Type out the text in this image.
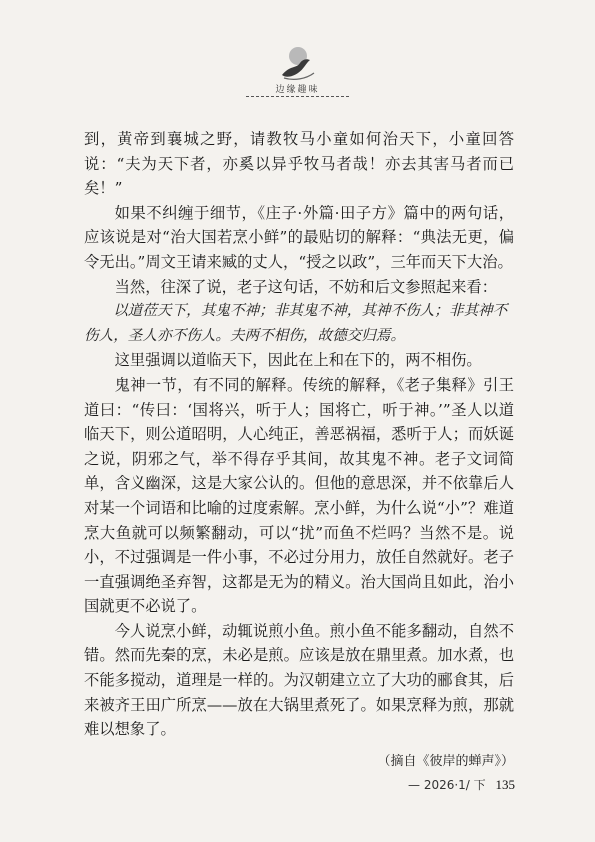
边缘趣味

到，黄帝到襄城之野，请教牧马小童如何治天下，小童回答说：“夫为天下者，亦奚以异乎牧马者哉！亦去其害马者而已矣！”

如果不纠缠于细节，《庄子·外篇·田子方》篇中的两句话，应该说是对“治大国若烹小鲜”的最贴切的解释：“典法无更，偏令无出。”周文王请来臧的丈人，“授之以政”，三年而天下大治。

当然，往深了说，老子这句话，不妨和后文参照起来看：

以道莅天下，其鬼不神；非其鬼不神，其神不伤人；非其神不伤人，圣人亦不伤人。夫两不相伤，故德交归焉。

这里强调以道临天下，因此在上和在下的，两不相伤。

鬼神一节，有不同的解释。传统的解释，《老子集释》引王道曰：“传曰：‘国将兴，听于人；国将亡，听于神。’”圣人以道临天下，则公道昭明，人心纯正，善恶祸福，悉听于人；而妖诞之说，阴邪之气，举不得存乎其间，故其鬼不神。老子文词简单，含义幽深，这是大家公认的。但他的意思深，并不依靠后人对某一个词语和比喻的过度索解。烹小鲜，为什么说“小”？难道烹大鱼就可以频繁翻动，可以“扰”而鱼不烂吗？当然不是。说小，不过强调是一件小事，不必过分用力，放任自然就好。老子一直强调绝圣弃智，这都是无为的精义。治大国尚且如此，治小国就更不必说了。

今人说烹小鲜，动辄说煎小鱼。煎小鱼不能多翻动，自然不错。然而先秦的烹，未必是煎。应该是放在鼎里煮。加水煮，也不能多搅动，道理是一样的。为汉朝建立立了大功的郦食其，后来被齐王田广所烹——放在大锅里煮死了。如果烹释为煎，那就难以想象了。

（摘自《彼岸的蝉声》）

— 2026·1/ 下 135
